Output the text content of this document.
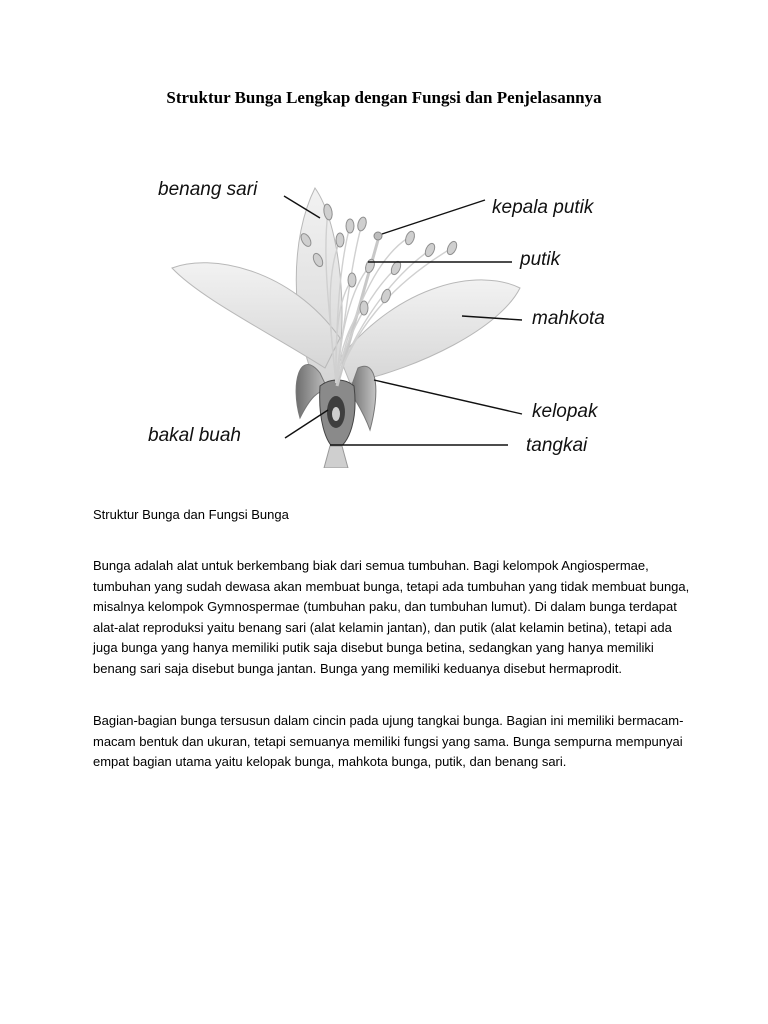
Struktur Bunga Lengkap dengan Fungsi dan Penjelasannya
benang sari
kepala putik
putik
mahkota
kelopak
bakal buah	tangkai
Struktur Bunga dan Fungsi Bunga

Bunga adalah alat untuk berkembang biak dari semua tumbuhan. Bagi kelompok Angiospermae, tumbuhan yang sudah dewasa akan membuat bunga, tetapi ada tumbuhan yang tidak membuat bunga, misalnya kelompok Gymnospermae (tumbuhan paku, dan tumbuhan lumut). Di dalam bunga terdapat alat-alat reproduksi yaitu benang sari (alat kelamin jantan), dan putik (alat kelamin betina), tetapi ada juga bunga yang hanya memiliki putik saja disebut bunga betina, sedangkan yang hanya memiliki benang sari saja disebut bunga jantan. Bunga yang memiliki keduanya disebut hermaprodit.

Bagian-bagian bunga tersusun dalam cincin pada ujung tangkai bunga. Bagian ini memiliki bermacam-macam bentuk dan ukuran, tetapi semuanya memiliki fungsi yang sama. Bunga sempurna mempunyai empat bagian utama yaitu kelopak bunga, mahkota bunga, putik, dan benang sari.
